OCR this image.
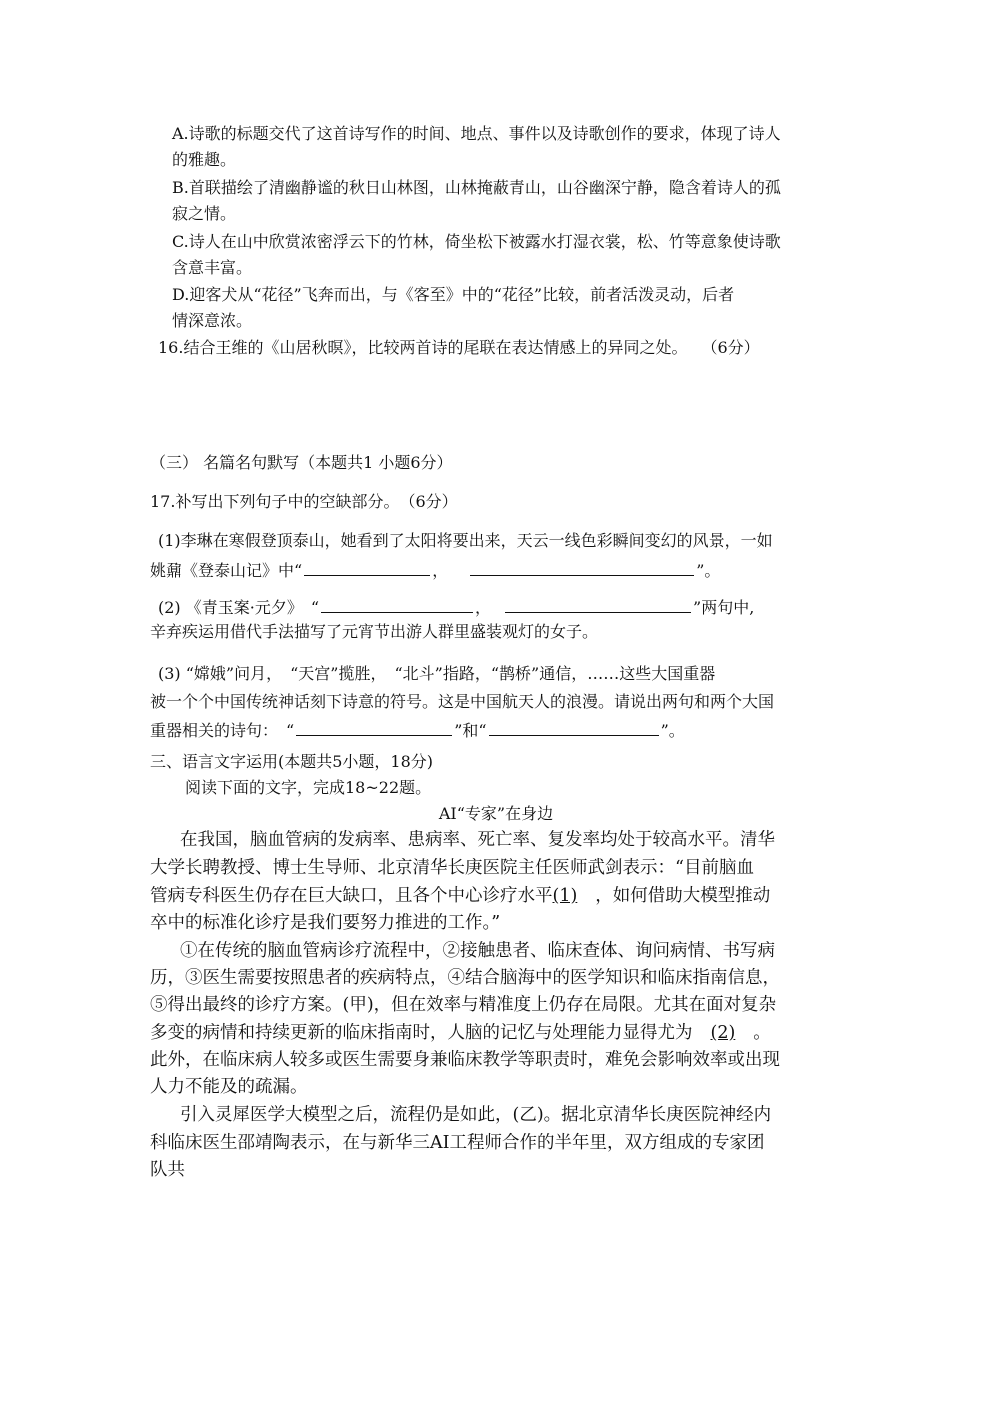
A.诗歌的标题交代了这首诗写作的时间、地点、事件以及诗歌创作的要求，体现了诗人
的雅趣。
B.首联描绘了清幽静谧的秋日山林图，山林掩蔽青山，山谷幽深宁静，隐含着诗人的孤
寂之情。
C.诗人在山中欣赏浓密浮云下的竹林，倚坐松下被露水打湿衣裳，松、竹等意象使诗歌
含意丰富。
D.迎客犬从“花径”飞奔而出，与《客至》中的“花径”比较，前者活泼灵动，后者
情深意浓。
16.结合王维的《山居秋暝》，比较两首诗的尾联在表达情感上的异同之处。 （6分）
（三） 名篇名句默写（本题共1 小题6分）
17.补写出下列句子中的空缺部分。　（6分）
(1)李琳在寒假登顶泰山，她看到了太阳将要出来，天云一线色彩瞬间变幻的风景，一如
姚鼐《登泰山记》中“	，	”。
(2) 《青玉案·元夕》　“	，	”两句中,
辛弃疾运用借代手法描写了元宵节出游人群里盛装观灯的女子。
(3) “嫦娥”问月，　“天宫”揽胜，　“北斗”指路，“鹊桥”通信，……这些大国重器
被一个个中国传统神话刻下诗意的符号。这是中国航天人的浪漫。请说出两句和两个大国
重器相关的诗句：　“	”和“	”。
三、语言文字运用(本题共5小题，18分)
阅读下面的文字，完成18~22题。
AI“专家”在身边
在我国，脑血管病的发病率、患病率、死亡率、复发率均处于较高水平。清华
大学长聘教授、博士生导师、北京清华长庚医院主任医师武剑表示：“目前脑血
管病专科医生仍存在巨大缺口，且各个中心诊疗水平(1) ，如何借助大模型推动
卒中的标准化诊疗是我们要努力推进的工作。”
①在传统的脑血管病诊疗流程中，②接触患者、临床查体、询问病情、书写病
历，③医生需要按照患者的疾病特点，④结合脑海中的医学知识和临床指南信息，
⑤得出最终的诊疗方案。(甲)，但在效率与精准度上仍存在局限。尤其在面对复杂
多变的病情和持续更新的临床指南时，人脑的记忆与处理能力显得尤为 (2) 。
此外，在临床病人较多或医生需要身兼临床教学等职责时，难免会影响效率或出现
人力不能及的疏漏。
引入灵犀医学大模型之后，流程仍是如此，(乙)。据北京清华长庚医院神经内
科临床医生邵靖陶表示，在与新华三AI工程师合作的半年里，双方组成的专家团
队共
